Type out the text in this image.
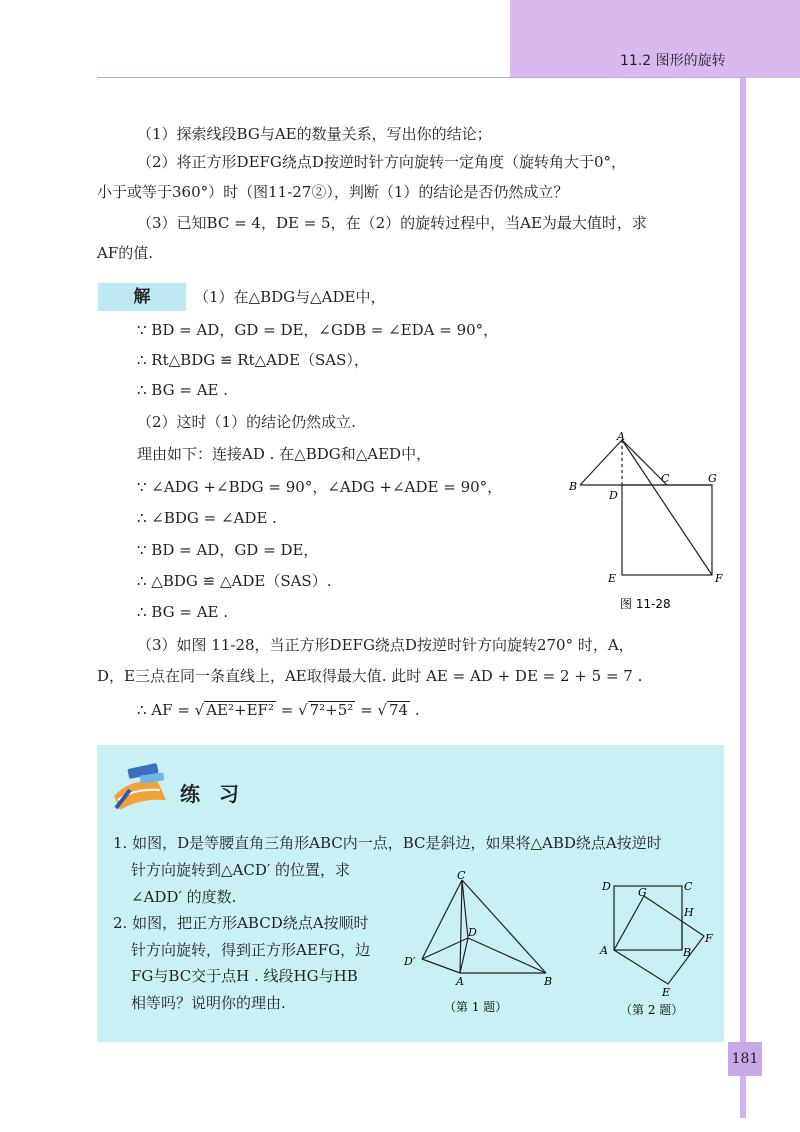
11.2 图形的旋转
（1）探索线段BG与AE的数量关系，写出你的结论；
（2）将正方形DEFG绕点D按逆时针方向旋转一定角度（旋转角大于0°，
小于或等于360°）时（图11-27②），判断（1）的结论是否仍然成立？
（3）已知BC = 4，DE = 5，在（2）的旋转过程中，当AE为最大值时，求
AF的值.
解	（1）在△BDG与△ADE中，
∵ BD = AD，GD = DE，∠GDB = ∠EDA = 90°，
∴ Rt△BDG ≌ Rt△ADE（SAS），
∴ BG = AE .
（2）这时（1）的结论仍然成立.
理由如下：连接AD . 在△BDG和△AED中，
∵ ∠ADG +∠BDG = 90°，∠ADG +∠ADE = 90°，
∴ ∠BDG = ∠ADE .
∵ BD = AD，GD = DE，
∴ △BDG ≌ △ADE（SAS）.
∴ BG = AE .
（3）如图 11-28，当正方形DEFG绕点D按逆时针方向旋转270° 时，A，
D，E三点在同一条直线上，AE取得最大值. 此时 AE = AD + DE = 2 + 5 = 7 .
∴ AF = √ AE²+EF² = √ 7²+5² = √ 74 .
A
B
C
D
E	F
G
图 11-28
练 习
1. 如图，D是等腰直角三角形ABC内一点，BC是斜边，如果将△ABD绕点A按逆时
针方向旋转到△ACD′ 的位置，求
∠ADD′ 的度数.
2. 如图，把正方形ABCD绕点A按顺时
针方向旋转，得到正方形AEFG，边
FG与BC交于点H . 线段HG与HB
相等吗？说明你的理由.
C
D
D′
A	B
（第 1 题）
D	C
G
H
F
A	B
E
（第 2 题）
181
